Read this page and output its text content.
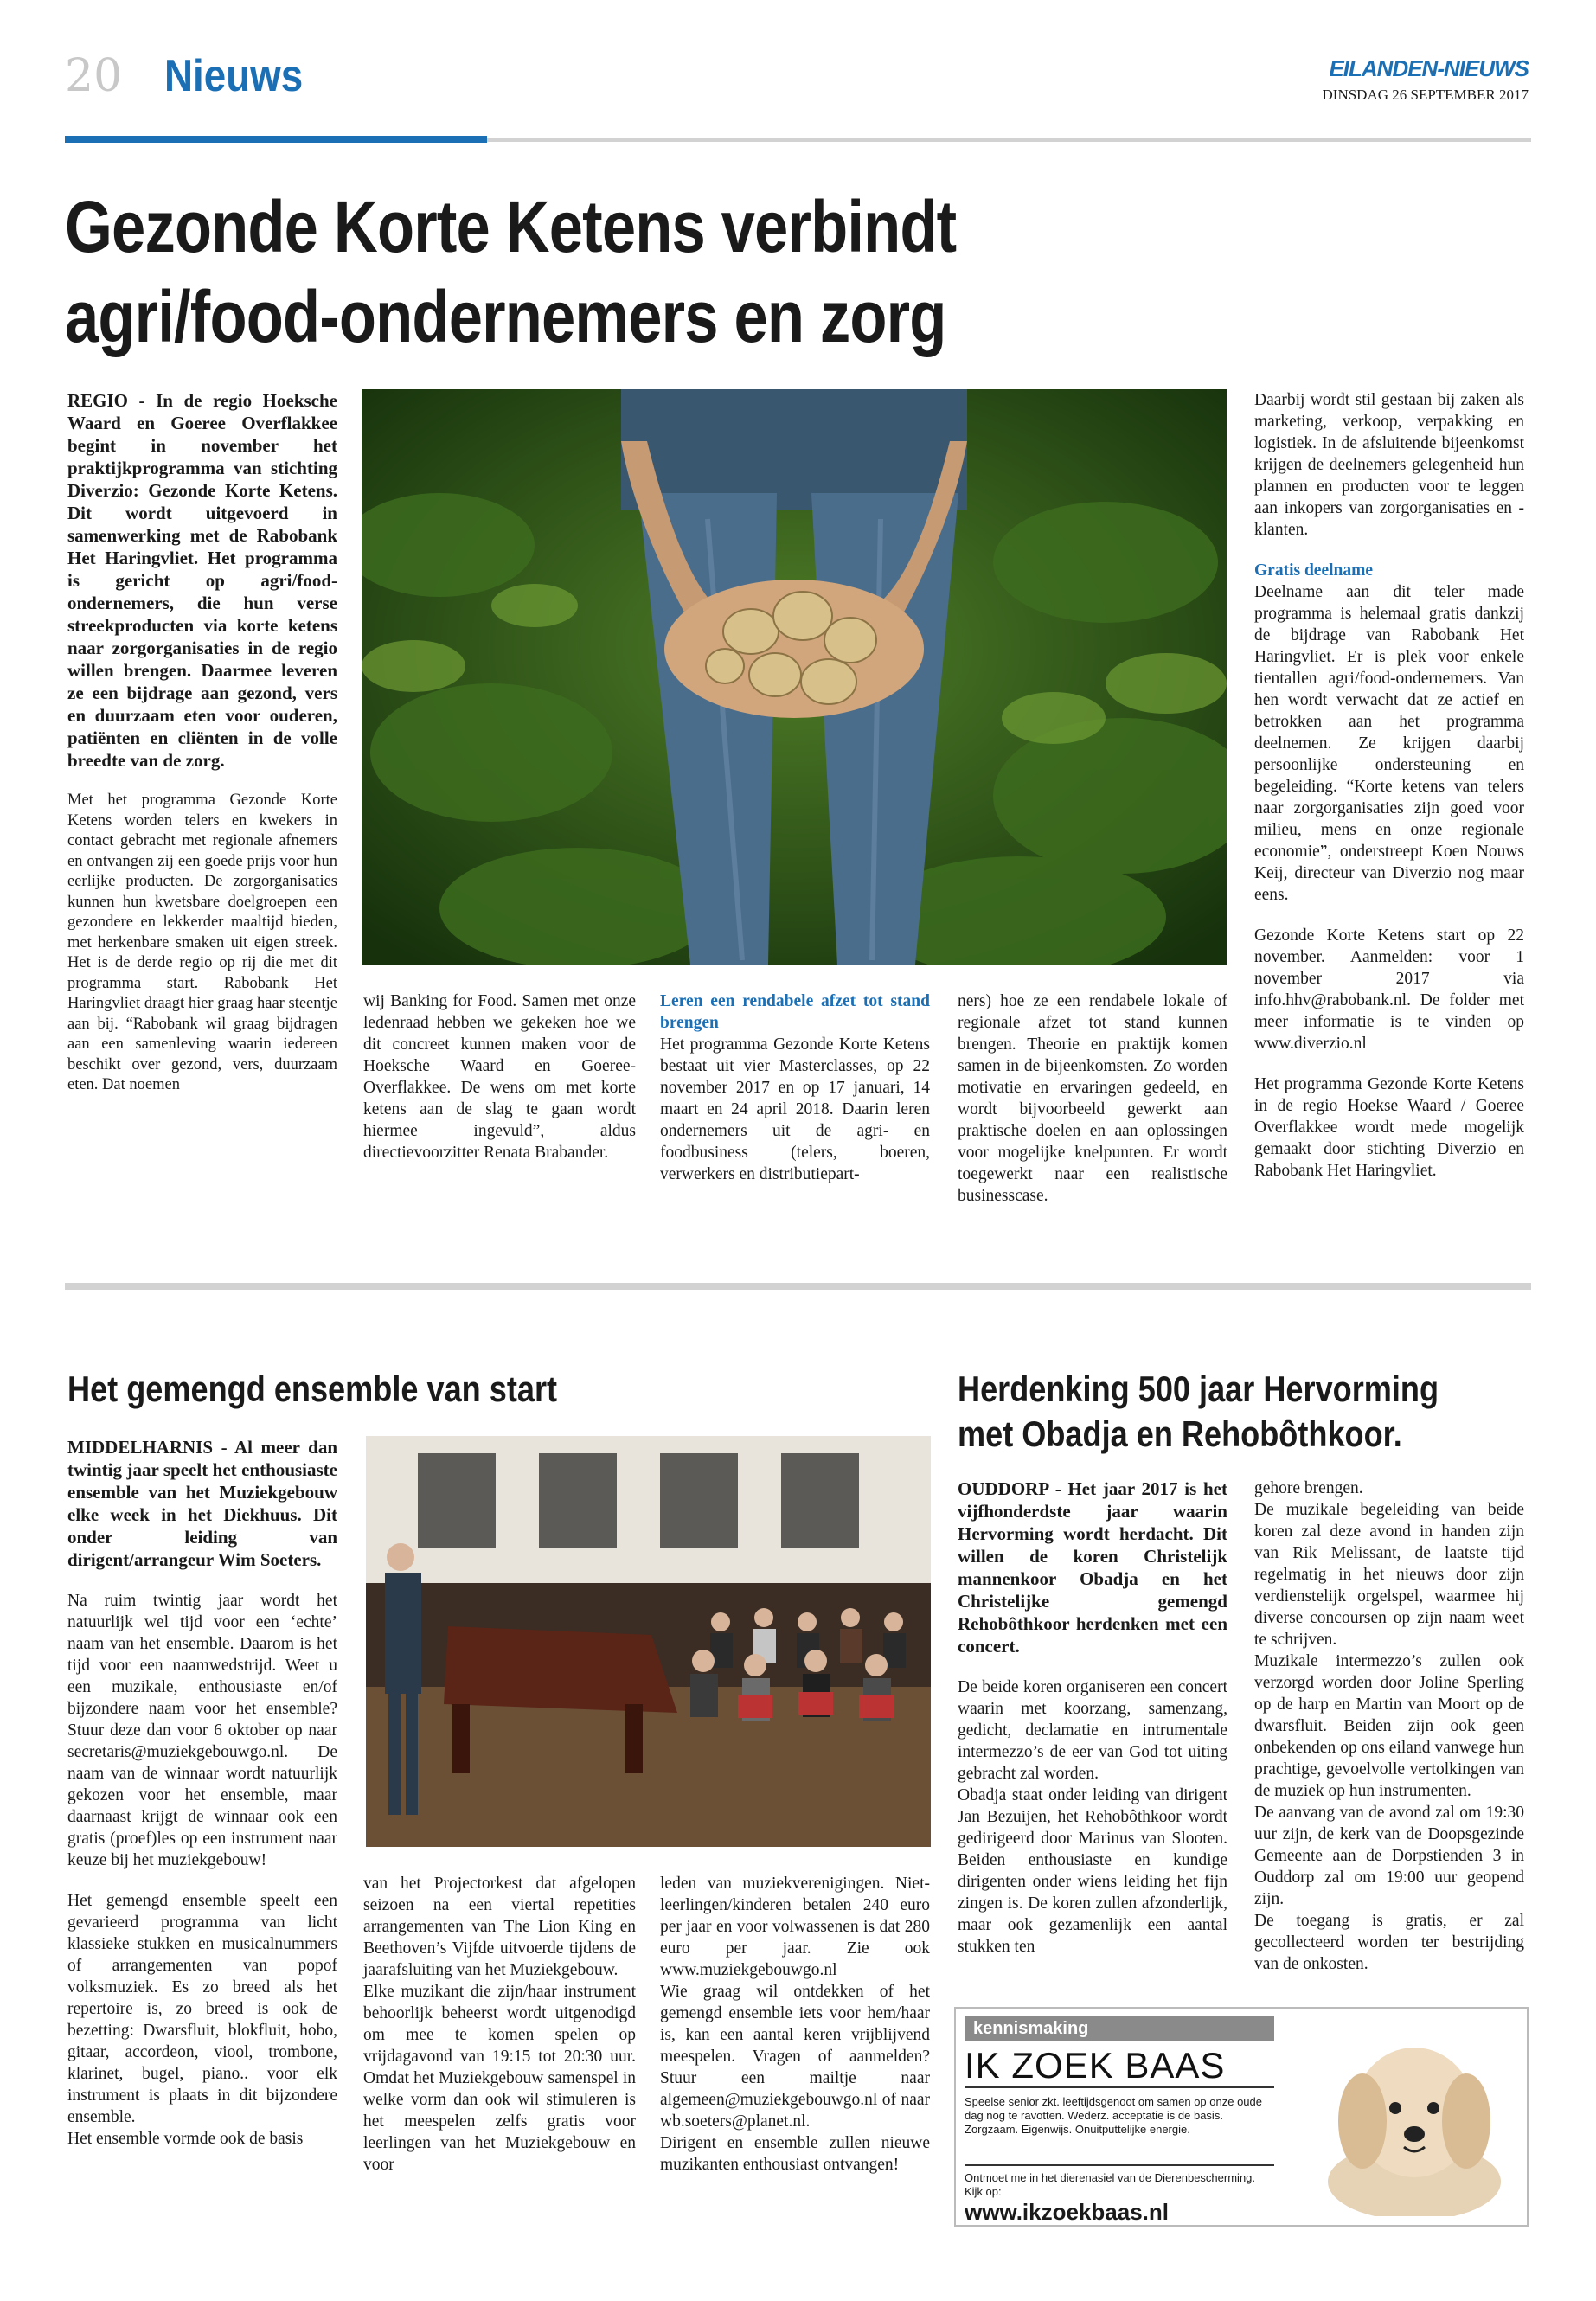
20 Nieuws	EILANDEN-NIEUWS
DINSDAG 26 SEPTEMBER 2017
Gezonde Korte Ketens verbindt
agri/food-ondernemers en zorg

REGIO - In de regio Hoeksche Waard en Goeree Overflakkee begint in november het praktijkprogramma van stichting Diverzio: Gezonde Korte Ketens. Dit wordt uitgevoerd in samenwerking met de Rabobank Het Haringvliet. Het programma is gericht op agri/food-ondernemers, die hun verse streekproducten via korte ketens naar zorgorganisaties in de regio willen brengen. Daarmee leveren ze een bijdrage aan gezond, vers en duurzaam eten voor ouderen, patiënten en cliënten in de volle breedte van de zorg.

Met het programma Gezonde Korte Ketens worden telers en kwekers in contact gebracht met regionale afnemers en ontvangen zij een goede prijs voor hun eerlijke producten. De zorgorganisaties kunnen hun kwetsbare doelgroepen een gezondere en lekkerder maaltijd bieden, met herkenbare smaken uit eigen streek. Het is de derde regio op rij die met dit programma start. Rabobank Het Haringvliet draagt hier graag haar steentje aan bij. “Rabobank wil graag bijdragen aan een samenleving waarin iedereen beschikt over gezond, vers, duurzaam eten. Dat noemen

wij Banking for Food. Samen met onze ledenraad hebben we gekeken hoe we dit concreet kunnen maken voor de Hoeksche Waard en Goeree-Overflakkee. De wens om met korte ketens aan de slag te gaan wordt hiermee ingevuld”, aldus directievoorzitter Renata Brabander.

Leren een rendabele afzet tot stand brengen

Het programma Gezonde Korte Ketens bestaat uit vier Masterclasses, op 22 november 2017 en op 17 januari, 14 maart en 24 april 2018. Daarin leren ondernemers uit de agri- en foodbusiness (telers, boeren, verwerkers en distributiepart-

ners) hoe ze een rendabele lokale of regionale afzet tot stand kunnen brengen. Theorie en praktijk komen samen in de bijeenkomsten. Zo worden motivatie en ervaringen gedeeld, en wordt bijvoorbeeld gewerkt aan praktische doelen en aan oplossingen voor mogelijke knelpunten. Er wordt toegewerkt naar een realistische businesscase.

Daarbij wordt stil gestaan bij zaken als marketing, verkoop, verpakking en logistiek. In de afsluitende bijeenkomst krijgen de deelnemers gelegenheid hun plannen en producten voor te leggen aan inkopers van zorgorganisaties en -klanten.

Gratis deelname

Deelname aan dit teler made programma is helemaal gratis dankzij de bijdrage van Rabobank Het Haringvliet. Er is plek voor enkele tientallen agri/food-ondernemers. Van hen wordt verwacht dat ze actief en betrokken aan het programma deelnemen. Ze krijgen daarbij persoonlijke ondersteuning en begeleiding. “Korte ketens van telers naar zorgorganisaties zijn goed voor milieu, mens en onze regionale economie”, onderstreept Koen Nouws Keij, directeur van Diverzio nog maar eens.

Gezonde Korte Ketens start op 22 november. Aanmelden: voor 1 november 2017 via info.hhv@rabobank.nl. De folder met meer informatie is te vinden op www.diverzio.nl

Het programma Gezonde Korte Ketens in de regio Hoekse Waard / Goeree Overflakkee wordt mede mogelijk gemaakt door stichting Diverzio en Rabobank Het Haringvliet.

Het gemengd ensemble van start

MIDDELHARNIS - Al meer dan twintig jaar speelt het enthousiaste ensemble van het Muziekgebouw elke week in het Diekhuus. Dit onder leiding van dirigent/arrangeur Wim Soeters.

Na ruim twintig jaar wordt het natuurlijk wel tijd voor een ‘echte’ naam van het ensemble. Daarom is het tijd voor een naamwedstrijd. Weet u een muzikale, enthousiaste en/of bijzondere naam voor het ensemble? Stuur deze dan voor 6 oktober op naar secretaris@muziekgebouwgo.nl. De naam van de winnaar wordt natuurlijk gekozen voor het ensemble, maar daarnaast krijgt de winnaar ook een gratis (proef)les op een instrument naar keuze bij het muziekgebouw!

Het gemengd ensemble speelt een gevarieerd programma van licht klassieke stukken en musicalnummers of arrangementen van popof volksmuziek. Es zo breed als het repertoire is, zo breed is ook de bezetting: Dwarsfluit, blokfluit, hobo, gitaar, accordeon, viool, trombone, klarinet, bugel, piano.. voor elk instrument is plaats in dit bijzondere ensemble.

Het ensemble vormde ook de basis

van het Projectorkest dat afgelopen seizoen na een viertal repetities arrangementen van The Lion King en Beethoven’s Vijfde uitvoerde tijdens de jaarafsluiting van het Muziekgebouw.
Elke muzikant die zijn/haar instrument behoorlijk beheerst wordt uitgenodigd om mee te komen spelen op vrijdagavond van 19:15 tot 20:30 uur. Omdat het Muziekgebouw samenspel in welke vorm dan ook wil stimuleren is het meespelen zelfs gratis voor leerlingen van het Muziekgebouw en voor

leden van muziekverenigingen. Niet-leerlingen/kinderen betalen 240 euro per jaar en voor volwassenen is dat 280 euro per jaar. Zie ook www.muziekgebouwgo.nl
Wie graag wil ontdekken of het gemengd ensemble iets voor hem/haar is, kan een aantal keren vrijblijvend meespelen. Vragen of aanmelden? Stuur een mailtje naar algemeen@muziekgebouwgo.nl of naar wb.soeters@planet.nl.
Dirigent en ensemble zullen nieuwe muzikanten enthousiast ontvangen!

Herdenking 500 jaar Hervorming
met Obadja en Rehobôthkoor.

OUDDORP - Het jaar 2017 is het vijfhonderdste jaar waarin Hervorming wordt herdacht. Dit willen de koren Christelijk mannenkoor Obadja en het Christelijke gemengd Rehobôthkoor herdenken met een concert.

De beide koren organiseren een concert waarin met koorzang, samenzang, gedicht, declamatie en intrumentale intermezzo’s de eer van God tot uiting gebracht zal worden.
Obadja staat onder leiding van dirigent Jan Bezuijen, het Rehobôthkoor wordt gedirigeerd door Marinus van Slooten. Beiden enthousiaste en kundige dirigenten onder wiens leiding het fijn zingen is. De koren zullen afzonderlijk, maar ook gezamenlijk een aantal stukken ten

gehore brengen.
De muzikale begeleiding van beide koren zal deze avond in handen zijn van Rik Melissant, de laatste tijd regelmatig in het nieuws door zijn verdienstelijk orgelspel, waarmee hij diverse concoursen op zijn naam weet te schrijven.
Muzikale intermezzo’s zullen ook verzorgd worden door Joline Sperling op de harp en Martin van Moort op de dwarsfluit. Beiden zijn ook geen onbekenden op ons eiland vanwege hun prachtige, gevoelvolle vertolkingen van de muziek op hun instrumenten.
De aanvang van de avond zal om 19:30 uur zijn, de kerk van de Doopsgezinde Gemeente aan de Dorpstienden 3 in Ouddorp zal om 19:00 uur geopend zijn.
De toegang is gratis, er zal gecollecteerd worden ter bestrijding van de onkosten.

kennismaking
IK ZOEK BAAS
Speelse senior zkt. leeftijdsgenoot om samen op onze oude dag nog te ravotten. Wederz. acceptatie is de basis. Zorgzaam. Eigenwijs. Onuitputtelijke energie.
Ontmoet me in het dierenasiel van de Dierenbescherming. Kijk op:
www.ikzoekbaas.nl
